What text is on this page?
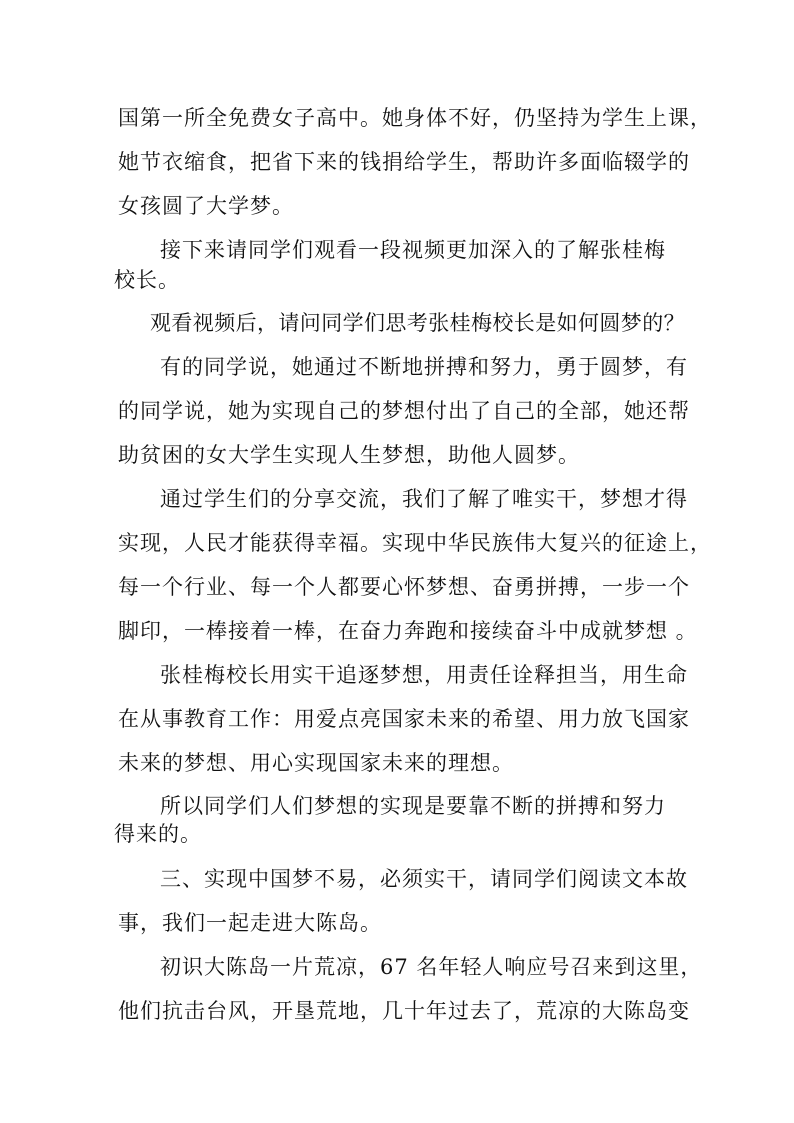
国第一所全免费女子高中。她身体不好，仍坚持为学生上课，
她节衣缩食，把省下来的钱捐给学生，帮助许多面临辍学的
女孩圆了大学梦。
接下来请同学们观看一段视频更加深入的了解张桂梅
校长。
观看视频后，请问同学们思考张桂梅校长是如何圆梦的？
有的同学说，她通过不断地拼搏和努力，勇于圆梦，有
的同学说，她为实现自己的梦想付出了自己的全部，她还帮
助贫困的女大学生实现人生梦想，助他人圆梦。
通过学生们的分享交流，我们了解了唯实干，梦想才得
实现，人民才能获得幸福。实现中华民族伟大复兴的征途上，
每一个行业、每一个人都要心怀梦想、奋勇拼搏，一步一个
脚印，一棒接着一棒，在奋力奔跑和接续奋斗中成就梦想 。
张桂梅校长用实干追逐梦想，用责任诠释担当，用生命
在从事教育工作：用爱点亮国家未来的希望、用力放飞国家
未来的梦想、用心实现国家未来的理想。
所以同学们人们梦想的实现是要靠不断的拼搏和努力
得来的。
三、实现中国梦不易，必须实干，请同学们阅读文本故
事，我们一起走进大陈岛。
初识大陈岛一片荒凉，67 名年轻人响应号召来到这里，
他们抗击台风，开垦荒地，几十年过去了，荒凉的大陈岛变
